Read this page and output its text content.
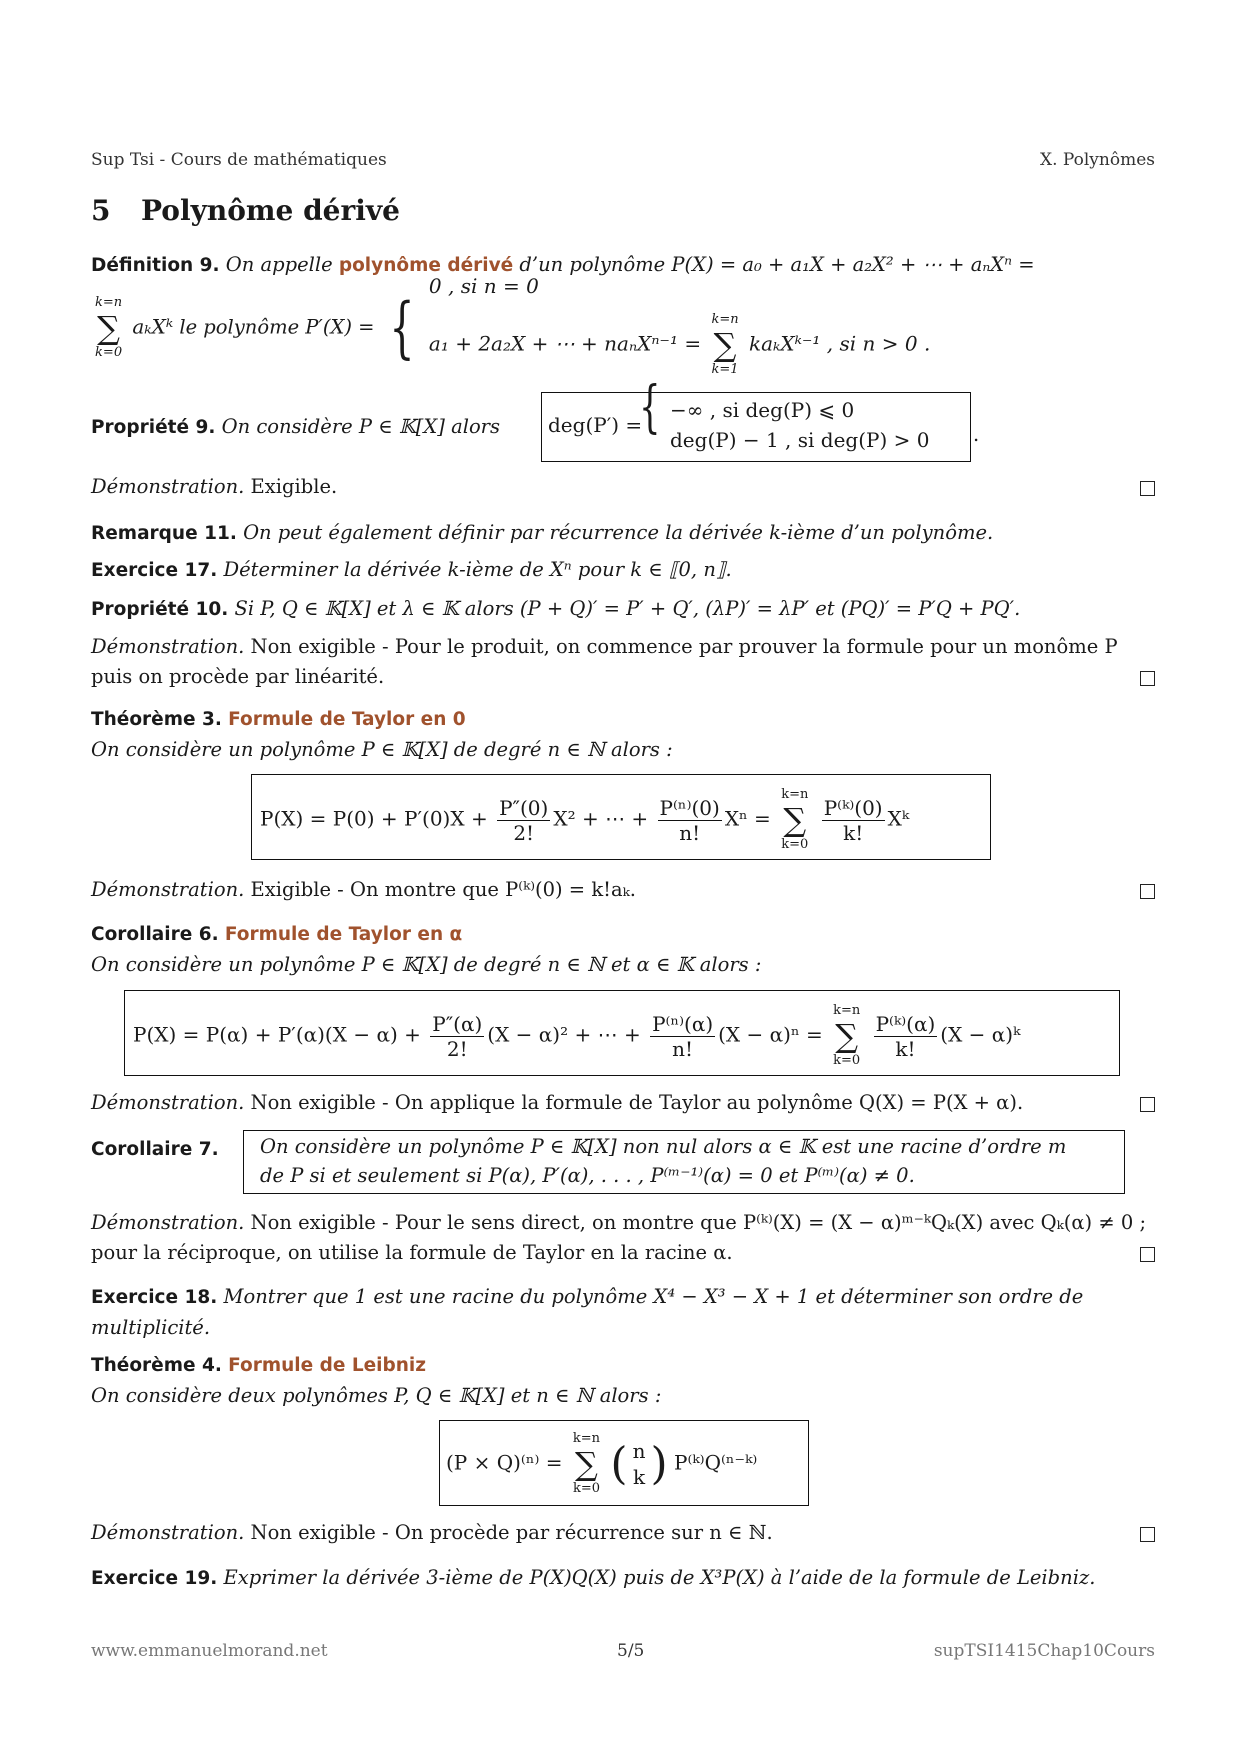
Sup Tsi - Cours de mathématiques	X. Polynômes
5 Polynôme dérivé
Définition 9. On appelle polynôme dérivé d’un polynôme P(X) = a₀ + a₁X + a₂X² + ⋯ + aₙXⁿ =
k=n
∑
k=0
aₖXᵏ le polynôme P′(X) = {
0 , si n = 0
a₁ + 2a₂X + ⋯ + naₙXⁿ⁻¹ =
k=n
∑
k=1
kaₖXᵏ⁻¹ , si n > 0 .
Propriété 9. On considère P ∈ 𝕂[X] alors	deg(P′) =
{ −∞ , si deg(P) ⩽ 0
deg(P) − 1 , si deg(P) > 0 .
Démonstration. Exigible.
Remarque 11. On peut également définir par récurrence la dérivée k-ième d’un polynôme.
Exercice 17. Déterminer la dérivée k-ième de Xⁿ pour k ∈ ⟦0, n⟧.
Propriété 10. Si P, Q ∈ 𝕂[X] et λ ∈ 𝕂 alors (P + Q)′ = P′ + Q′, (λP)′ = λP′ et (PQ)′ = P′Q + PQ′.
Démonstration. Non exigible - Pour le produit, on commence par prouver la formule pour un monôme P puis on procède par linéarité.
Théorème 3. Formule de Taylor en 0
On considère un polynôme P ∈ 𝕂[X] de degré n ∈ ℕ alors :
$P(X) = P(0) + P'(0)X + \frac{P''(0)}{2!} X^2$ + ⋯ + $\frac{\text{P⁽ⁿ⁾(0)}}{n!}$ Xⁿ =
k=n
∑
k=0
$\frac{\text{P⁽ᵏ⁾(0)}}{k!}$ Xᵏ
Démonstration. Exigible - On montre que P⁽ᵏ⁾(0) = k!aₖ.
Corollaire 6. Formule de Taylor en α
On considère un polynôme P ∈ 𝕂[X] de degré n ∈ ℕ et α ∈ 𝕂 alors :
$P(X) = P(\alpha) + P'(\alpha)(X - \alpha) + \frac{P''(\alpha)}{2!} (X - \alpha)^2$ + ⋯ + $\frac{\text{P⁽ⁿ⁾(α)}}{n!} (X - \alpha)^n$ =
k=n
∑
k=0
$\frac{\text{P⁽ᵏ⁾(α)}}{k!} (X$ − α)ᵏ
Démonstration. Non exigible - On applique la formule de Taylor au polynôme Q(X) = P(X + α).
Corollaire 7.	On considère un polynôme P ∈ 𝕂[X] non nul alors α ∈ 𝕂 est une racine d’ordre m
de P si et seulement si P(α), P′(α), . . . , P⁽ᵐ⁻¹⁾(α) = 0 et P⁽ᵐ⁾(α) ≠ 0.
Démonstration. Non exigible - Pour le sens direct, on montre que P⁽ᵏ⁾(X) = (X − α)ᵐ⁻ᵏQₖ(X) avec Qₖ(α) ≠ 0 ; pour la réciproque, on utilise la formule de Taylor en la racine α.
Exercice 18. Montrer que 1 est une racine du polynôme X⁴ − X³ − X + 1 et déterminer son ordre de multiplicité.
Théorème 4. Formule de Leibniz
On considère deux polynômes P, Q ∈ 𝕂[X] et n ∈ ℕ alors :
(P × Q)⁽ⁿ⁾ =
k=n
∑
k=0 ( n
k ) P⁽ᵏ⁾Q⁽ⁿ⁻ᵏ⁾
Démonstration. Non exigible - On procède par récurrence sur n ∈ ℕ.
Exercice 19. Exprimer la dérivée 3-ième de P(X)Q(X) puis de X³P(X) à l’aide de la formule de Leibniz.
www.emmanuelmorand.net	5/5	supTSI1415Chap10Cours
